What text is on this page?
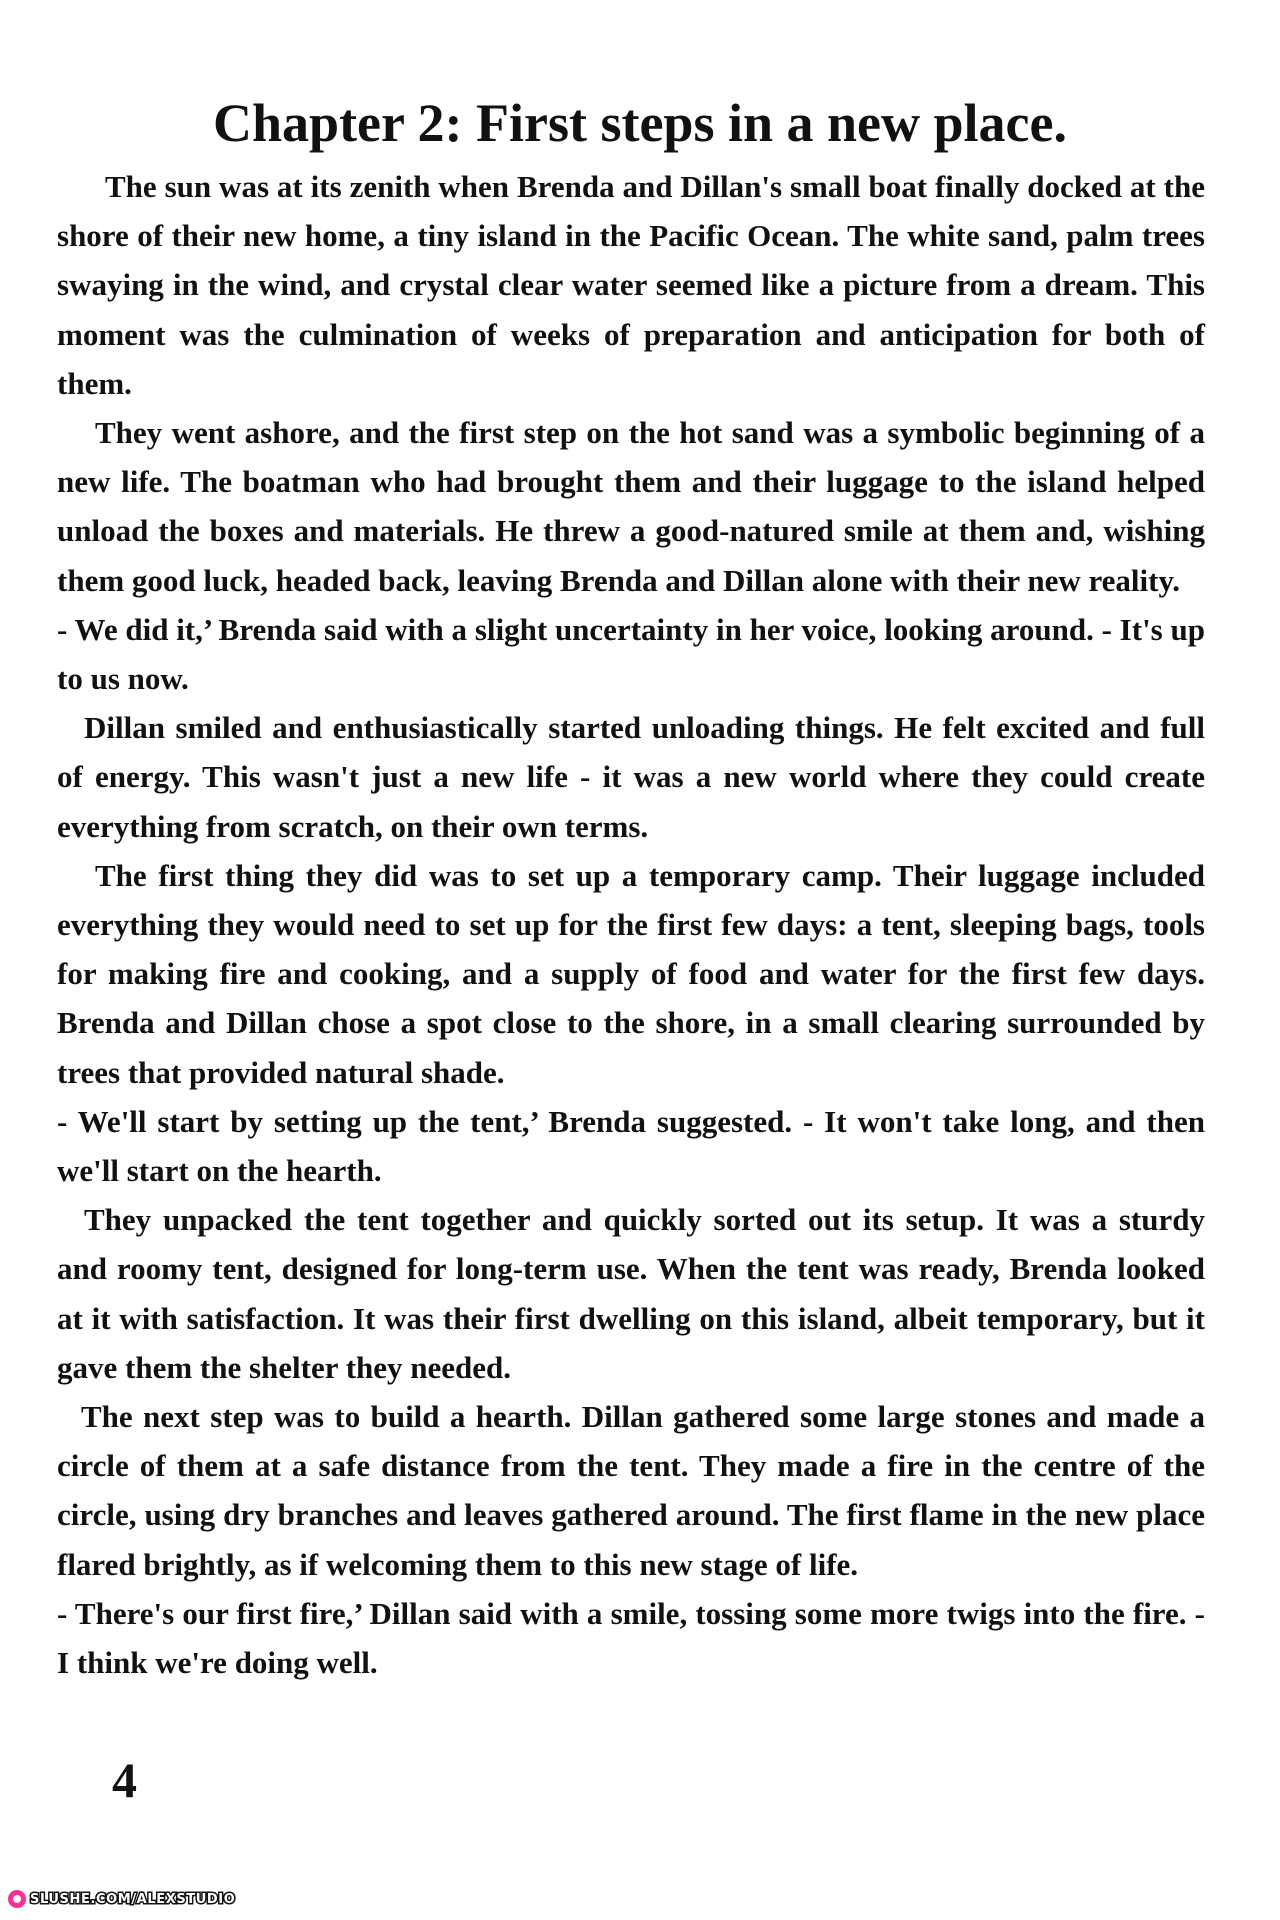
Chapter 2: First steps in a new place.

The sun was at its zenith when Brenda and Dillan's small boat finally docked at the shore of their new home, a tiny island in the Pacific Ocean. The white sand, palm trees swaying in the wind, and crystal clear water seemed like a picture from a dream. This moment was the culmination of weeks of preparation and anticipation for both of them.

They went ashore, and the first step on the hot sand was a symbolic beginning of a new life. The boatman who had brought them and their luggage to the island helped unload the boxes and materials. He threw a good-natured smile at them and, wishing them good luck, headed back, leaving Brenda and Dillan alone with their new reality.

- We did it,’ Brenda said with a slight uncertainty in her voice, looking around. - It's up to us now.

Dillan smiled and enthusiastically started unloading things. He felt excited and full of energy. This wasn't just a new life - it was a new world where they could create everything from scratch, on their own terms.

The first thing they did was to set up a temporary camp. Their luggage included everything they would need to set up for the first few days: a tent, sleeping bags, tools for making fire and cooking, and a supply of food and water for the first few days. Brenda and Dillan chose a spot close to the shore, in a small clearing surrounded by trees that provided natural shade.

- We'll start by setting up the tent,’ Brenda suggested. - It won't take long, and then we'll start on the hearth.

They unpacked the tent together and quickly sorted out its setup. It was a sturdy and roomy tent, designed for long-term use. When the tent was ready, Brenda looked at it with satisfaction. It was their first dwelling on this island, albeit temporary, but it gave them the shelter they needed.

The next step was to build a hearth. Dillan gathered some large stones and made a circle of them at a safe distance from the tent. They made a fire in the centre of the circle, using dry branches and leaves gathered around. The first flame in the new place flared brightly, as if welcoming them to this new stage of life.

- There's our first fire,’ Dillan said with a smile, tossing some more twigs into the fire. - I think we're doing well.

4
SLUSHE.COM/ALEXSTUDIO
